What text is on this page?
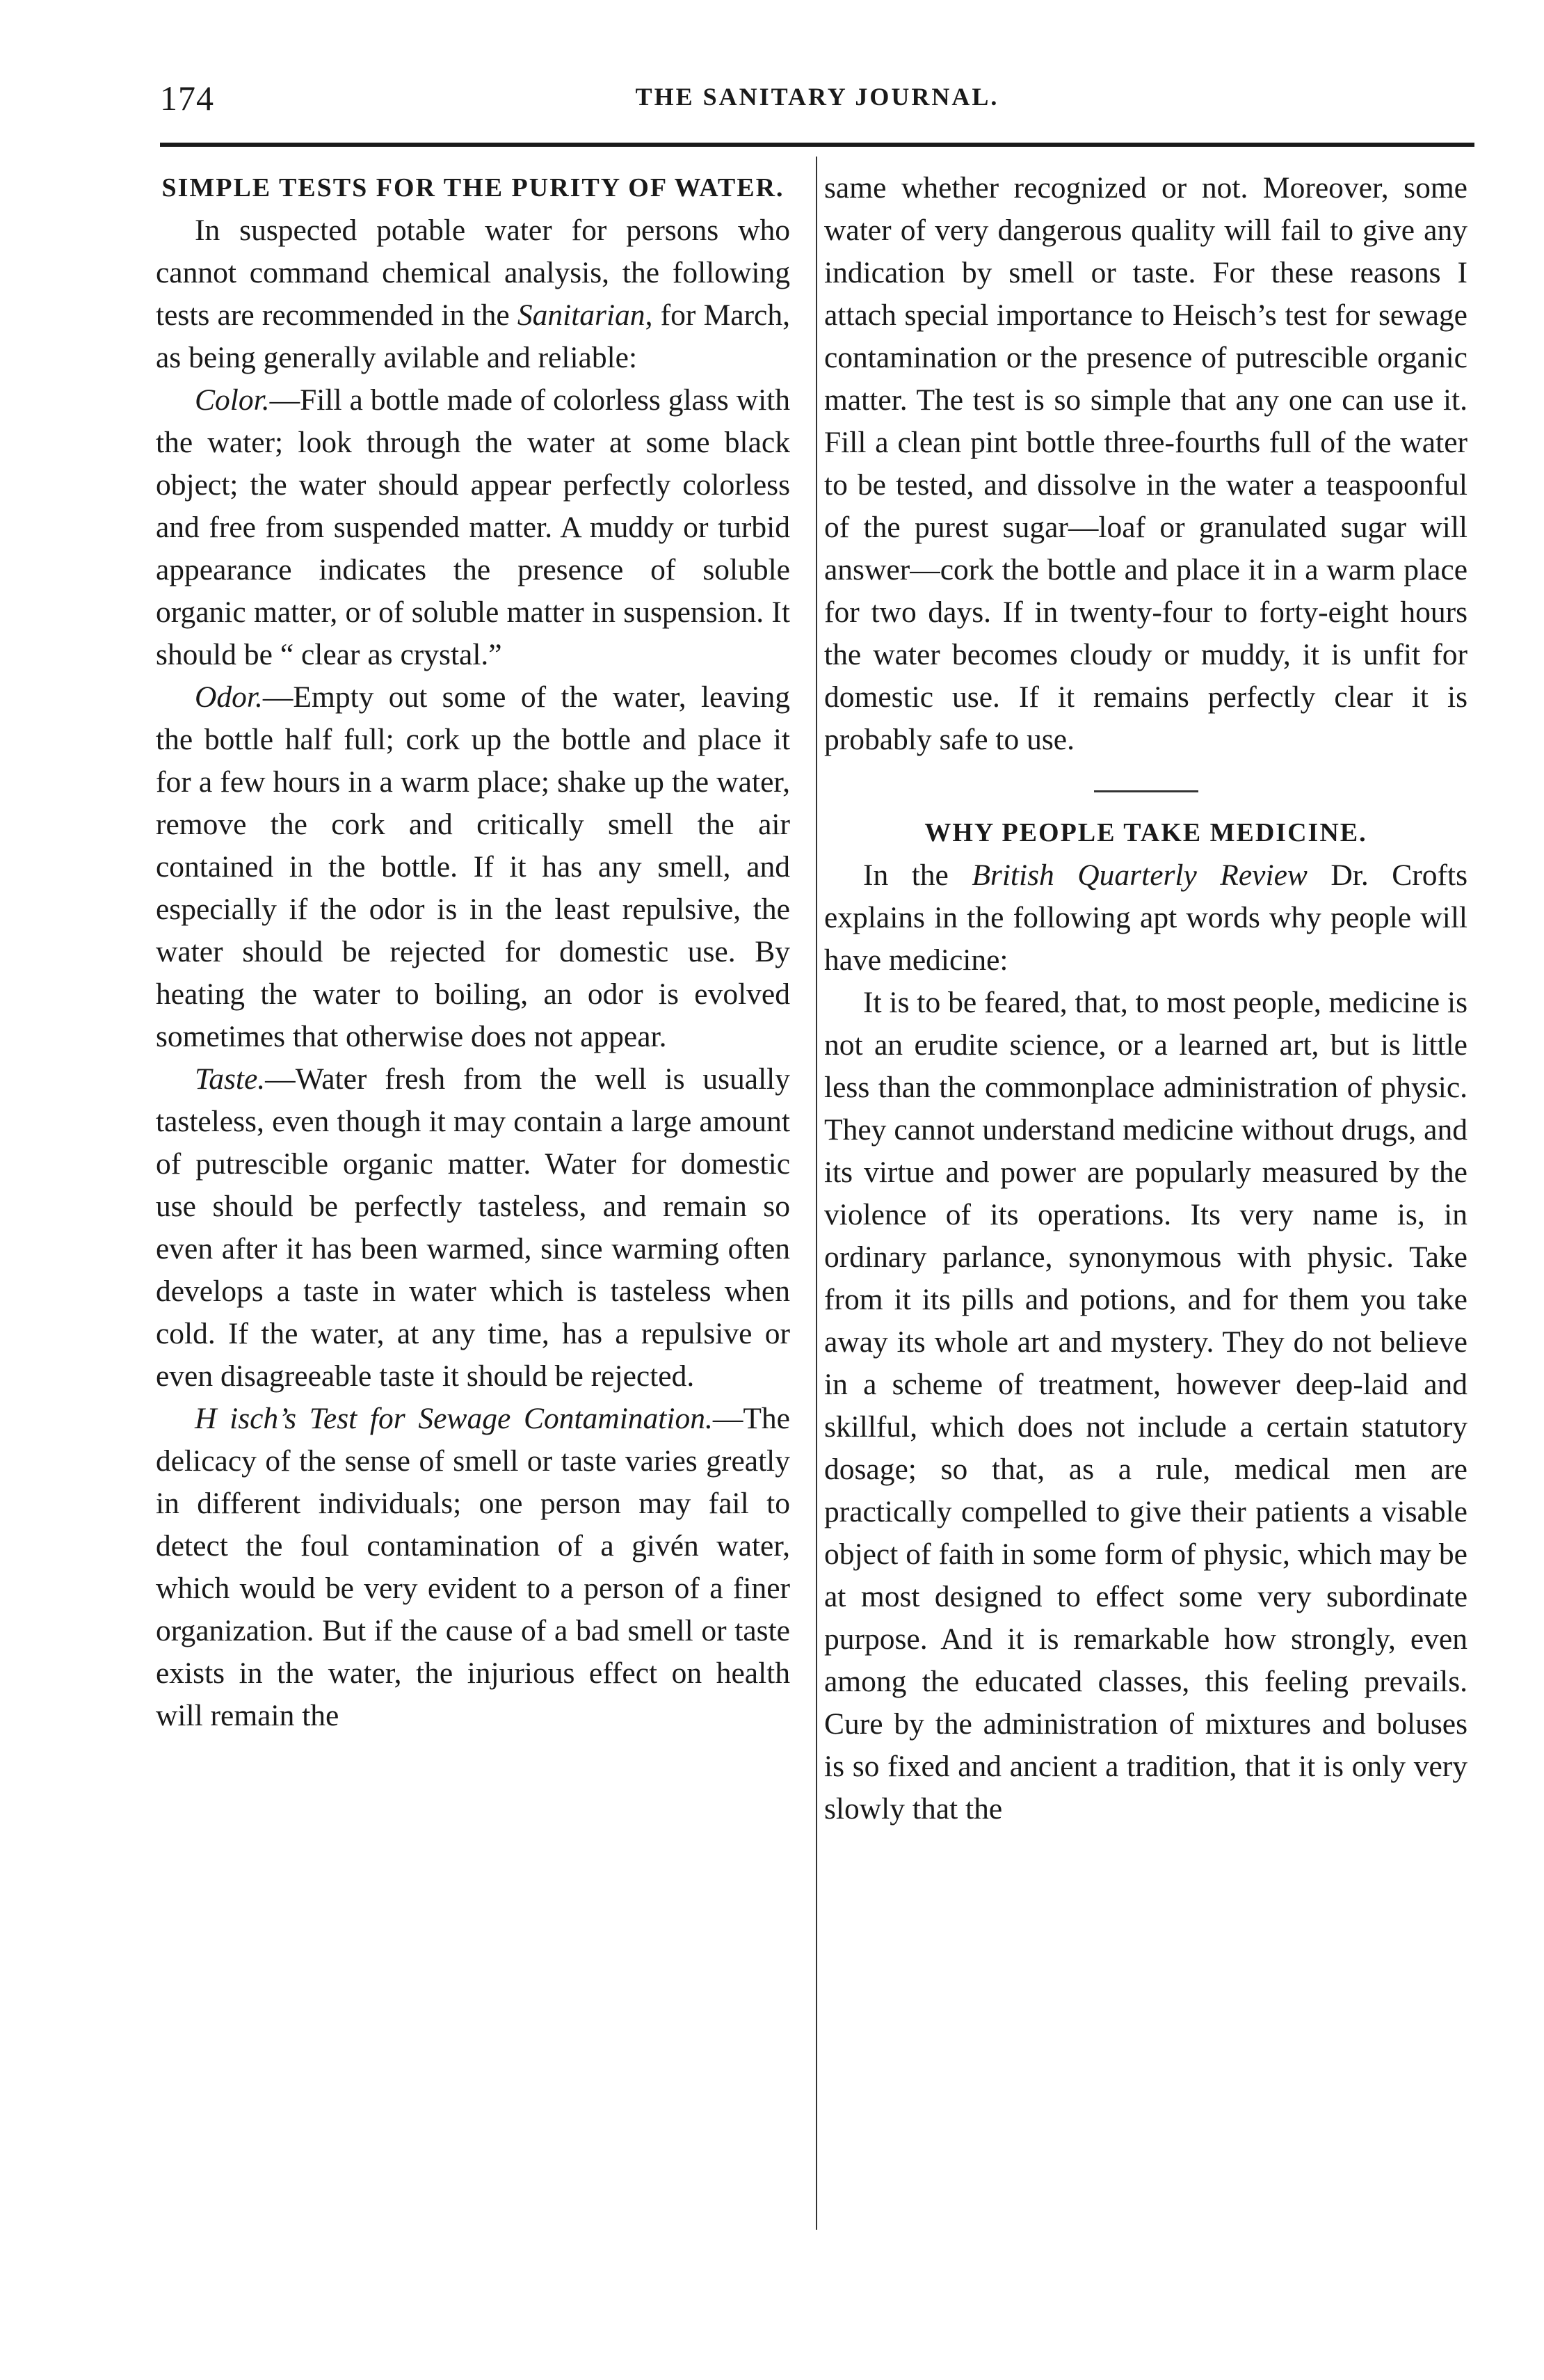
174	THE SANITARY JOURNAL.
SIMPLE TESTS FOR THE PURITY OF WATER.

In suspected potable water for persons who cannot command chemical analysis, the following tests are recommended in the Sanitarian, for March, as being generally avilable and reliable:

Color.—Fill a bottle made of colorless glass with the water; look through the water at some black object; the water should appear perfectly colorless and free from suspended matter. A muddy or turbid appearance indicates the presence of soluble organic matter, or of soluble matter in suspension. It should be “ clear as crystal.”

Odor.—Empty out some of the water, leaving the bottle half full; cork up the bottle and place it for a few hours in a warm place; shake up the water, remove the cork and critically smell the air contained in the bottle. If it has any smell, and especially if the odor is in the least repulsive, the water should be rejected for domestic use. By heating the water to boiling, an odor is evolved sometimes that otherwise does not appear.

Taste.—Water fresh from the well is usually tasteless, even though it may contain a large amount of putrescible organic matter. Water for domestic use should be perfectly tasteless, and remain so even after it has been warmed, since warming often develops a taste in water which is tasteless when cold. If the water, at any time, has a repulsive or even disagreeable taste it should be rejected.

H isch’s Test for Sewage Contamination.—The delicacy of the sense of smell or taste varies greatly in different individuals; one person may fail to detect the foul contamination of a givén water, which would be very evident to a person of a finer organization. But if the cause of a bad smell or taste exists in the water, the injurious effect on health will remain the

same whether recognized or not. Moreover, some water of very dangerous quality will fail to give any indication by smell or taste. For these reasons I attach special importance to Heisch’s test for sewage contamination or the presence of putrescible organic matter. The test is so simple that any one can use it. Fill a clean pint bottle three-fourths full of the water to be tested, and dissolve in the water a teaspoonful of the purest sugar—loaf or granulated sugar will answer—cork the bottle and place it in a warm place for two days. If in twenty-four to forty-eight hours the water becomes cloudy or muddy, it is unfit for domestic use. If it remains perfectly clear it is probably safe to use.

WHY PEOPLE TAKE MEDICINE.

In the British Quarterly Review Dr. Crofts explains in the following apt words why people will have medicine:

It is to be feared, that, to most people, medicine is not an erudite science, or a learned art, but is little less than the commonplace administration of physic. They cannot understand medicine without drugs, and its virtue and power are popularly measured by the violence of its operations. Its very name is, in ordinary parlance, synonymous with physic. Take from it its pills and potions, and for them you take away its whole art and mystery. They do not believe in a scheme of treatment, however deep-laid and skillful, which does not include a certain statutory dosage; so that, as a rule, medical men are practically compelled to give their patients a visable object of faith in some form of physic, which may be at most designed to effect some very subordinate purpose. And it is remarkable how strongly, even among the educated classes, this feeling prevails. Cure by the administration of mixtures and boluses is so fixed and ancient a tradition, that it is only very slowly that the
